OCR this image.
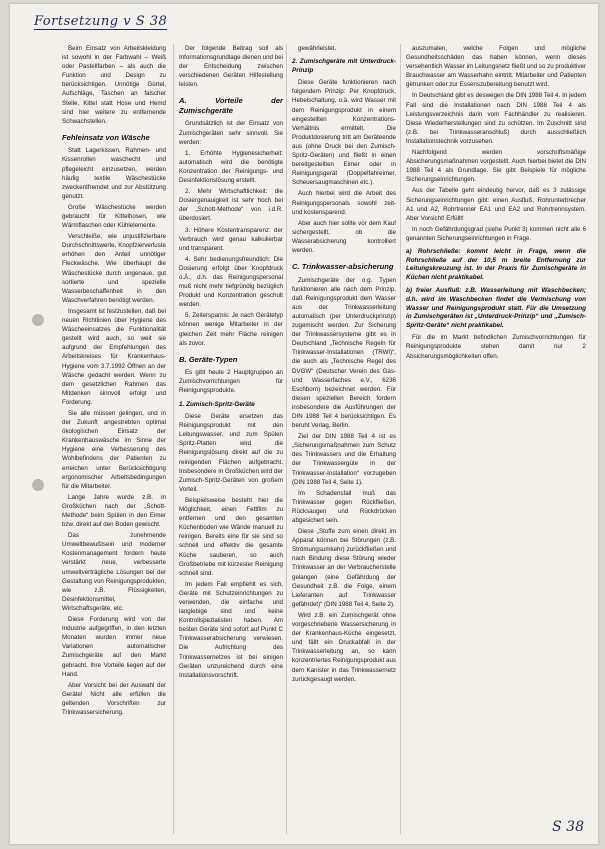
Fortsetzung v S 38

Beim Einsatz von Arbeitskleidung ist sowohl in der Farbwahl – Weiß oder Pastellfarben – als auch die Funktion und Design zu berücksichtigen. Unnötige Gürtel, Aufschläge, Taschen an falscher Stelle, Kittel statt Hose und Hemd sind hier weitere zu entfernende Schwachstellen.

Fehleinsatz von Wäsche

Statt Lagerkissen, Rahmen- und Kissenrollen waschecht und pflegeleicht einzusetzen, werden häufig textile Wäschestücke zweckentfremdet und zur Abstützung genutzt.

Große Wäschestücke werden gebraucht für Kittelhosen, wie Wärmflaschen oder Kühlelemente.

Verschleiße, wie unjustifizierbare Durchschnittswerte, Knopfzierverluste erhöhen den Anteil unnötiger Fleckwäsche. Wie überhaupt die Wäschestücke durch ungenaue, gut sortierte und spezielle Wasserbeschaffenheit in den Waschverfahren benötigt werden.

Insgesamt ist festzustellen, daß bei neuen Richtlinien über Hygiene des Wäscheeinsatzes die Funktionalität gestellt wird auch, so weit sie aufgrund der Empfehlungen des Arbeitskreises für Krankenhaus-Hygiene vom 3.7.1992 Öffnen an der Wäsche gedacht werden. Wenn zu dem gesetzlichen Rahmen das Mitdenken sinnvoll erfolgt und Forderung.

Sie alle müssen gelingen, und in der Zukunft angestrebten optimal ökologischen Einsatz der Krankenhauswäsche im Sinne der Hygiene eine Verbesserung des Wohlbefindens der Patienten zu erreichen unter Berücksichtigung ergonomischer Arbeitsbedingungen für die Mitarbeiter.

Lange Jahre wurde z.B. in Großküchen nach der „Schott-Methode“ beim Spülen in den Eimer bzw. direkt auf den Boden gewischt.

Das zunehmende Umweltbewußtsein und moderner Kostenmanagement fordern heute verstärkt neue, verbesserte umweltverträgliche Lösungen bei der Gestaltung von Reinigungsprodukten, wie z.B. Flüssigkeiten, Desinfektionsmittel, Wirtschaftsgeräte, etc.

Diese Forderung wird von der Industrie aufgegriffen, in den letzten Monaten wurden immer neue Variationen automatischer Zumischgeräte auf den Markt gebracht. Ihre Vorteile liegen auf der Hand.

Aber Vorsicht bei der Auswahl der Geräte! Nicht alle erfüllen die geltenden Vorschriften zur Trinkwassersicherung.

Der folgende Beitrag soll als Informationsgrundlage dienen und bei der Entscheidung zwischen verschiedenen Geräten Hilfestellung leisten.

A. Vorteile der Zumischgeräte

Grundsätzlich ist der Einsatz von Zumischgeräten sehr sinnvoll. Sie werden:

1. Erhöhte Hygienesicherheit: automatisch wird die benötigte Konzentration der Reinigungs- und Desinfektionslösung erstellt.

2. Mehr Wirtschaftlichkeit: die Dosiergenauigkeit ist sehr hoch bei der „Schott-Methode“ von i.d.R. überdosiert.

3. Höhere Kostentransparenz: der Verbrauch wird genau kalkulierbar und transparent.

4. Sehr bedienungsfreundlich: Die Dosierung erfolgt über Knopfdruck o.Ä., d.h. das Reinigungspersonal muß nicht mehr tiefgründig bezüglich Produkt und Konzentration geschult werden.

5. Zeitersparnis: Je nach Gerätetyp können wenige Mitarbeiter in der gleichen Zeit mehr Fläche reinigen als zuvor.

B. Geräte-Typen

Es gibt heute 2 Hauptgruppen an Zumischvorrichtungen für Reinigungsprodukte.

1. Zumisch-Spritz-Geräte

Diese Geräte ersetzen das Reinigungsprodukt mit den Leitungswasser, und zum Spülen Spritz-Platten wird die Reinigungslösung direkt auf die zu reinigenden Flächen aufgebracht. Insbesondere in Großküchen wird der Zumisch-Spritz-Geräten von großem Vorteil.

Beispielsweise besteht hier die Möglichkeit, einen Fettfilm zu entfernen und den gesamten Küchenboden wie Wände manuell zu reinigen. Bereits eine für sie sind so schnell und effektiv die gesamte Küche sauberen, so auch Großbetriebe mit kürzester Reinigung schnell sind.

Im jedem Fall empfiehlt es sich, Geräte mit Schutzeinrichtungen zu verwenden, die einfache und langlebige sind und keine Kontrollspezialisten haben. Am besten Geräte sind sofort auf Punkt C Trinkwasserabsicherung verwiesen. Die Aufrichtung des Trinkwassernetzes ist bei einigen Geräten unzureichend durch eine Installationsvorschrift.

gewährleistet.

2. Zumischgeräte mit Unterdruck-Prinzip

Diese Geräte funktionieren nach folgendem Prinzip: Per Knopfdruck, Hebelschaltung, o.ä. wird Wasser mit dem Reinigungsprodukt in einem eingestellten Konzentrations-Verhältnis ermittelt. Die Produktdosierung tritt am Geräteende aus (ohne Druck bei den Zumisch-Spritz-Geräten) und fließt in einen bereitgestellten Eimer oder in Reinigungsgerät (Doppelfahreimer, Scheuersaugmaschinen etc.).

Auch hierbei wird die Arbeit des Reinigungspersonals sowohl zeit- und kostensparend.

Aber auch hier sollte vor dem Kauf sichergestellt, ob die Wasserabsicherung kontrolliert werden.

C. Trinkwasser-absicherung

Zumischgeräte der o.g. Typen funktionieren alle nach dem Prinzip, daß Reinigungsprodukt dem Wasser aus der Trinkwasserleitung automatisch (per Unterdruckprinzip) zugemischt werden. Zur Sicherung der Trinkwassersysteme gibt es in Deutschland „Technische Regeln für Trinkwasser-Installationen (TRWI)“, die auch als „Technische Regel des DVGW“ (Deutscher Verein des Gas- und Wasserfaches e.V., 6236 Eschborn) bezeichnet werden. Für diesen speziellen Bereich fordern insbesondere die Ausführungen der DIN 1988 Teil 4 berücksichtigen. Es beruht Verlag, Berlin.

Ziel der DIN 1988 Teil 4 ist es „Sicherungsmaßnahmen zum Schutz des Trinkwassers und die Erhaltung der Trinkwassergüte in der Trinkwasser-Installation“ vorzugeben (DIN 1988 Teil 4, Seite 1).

Im Schadensfall muß das Trinkwasser gegen Rückfließen, Rücksaugen und Rückdrücken abgesichert sein.

Diese „Stoffe zum einen direkt im Apparat können bei Störungen (z.B. Strömungsumkehr) zurückfließen und nach Bindung diese Störung wieder Trinkwasser an der Verbraucherstelle gelangen (eine Gefährdung der Gesundheit z.B. die Folge, einem Lieferanten auf Trinkwasser gefährdet)“ (DIN 1988 Teil 4, Seite 2).

Wird z.B. ein Zumischgerät ohne vorgeschriebene Wassersicherung in der Krankenhaus-Küche eingesetzt, und fällt ein Druckabfall in der Trinkwasserleitung an, so kann konzentriertes Reinigungsprodukt aus dem Kanister in das Trinkwassernetz zurückgesaugt werden.

auszumalen, welche Folgen und mögliche Gesundheitsschäden das haben können, wenn dieses versehentlich Wasser im Leitungsnetz fließt und so zu produktiver Brauchwasser am Wasserhahn eintritt. Mitarbeiter und Patienten getrunken oder zur Essenszubereitung benutzt wird.

In Deutschland gibt es deswegen die DIN 1988 Teil 4. In jedem Fall sind die Installationen nach DIN 1988 Teil 4 als Leistungsverzeichnis darin vom Fachhändler zu realisieren. Diese Wiederherstellungen sind zu schützen. Im Zuschnitt sind (z.B. bei Trinkwasseranschluß) durch ausschließlich Installationstechnik vorzusehen.

Nachfolgend werden vorschriftsmäßige Absicherungsmaßnahmen vorgestellt. Auch hierbei bietet die DIN 1988 Teil 4 als Grundlage. Sie gibt Beispiele für mögliche Sicherungseinrichtungen.

Aus der Tabelle geht eindeutig hervor, daß es 3 zulässige Sicherungseinrichtungen gibt: einen Ausfluß, Rohrunterbrecher A1 und A2, Rohrtrenner EA1 und EA2 und Rohrtrennsystem. Aber Vorsicht! Erfüllt!

In noch Gefährdungsgrad (siehe Punkt 3) kommen nicht alle 6 genannten Sicherungseinrichtungen in Frage.

a) Rohrschließe: kommt leicht in Frage, wenn die Rohrschließe auf der 10,5 m breite Entfernung zur Leitungskreuzung ist. In der Praxis für Zumischgeräte in Küchen nicht praktikabel.
b) freier Ausfluß: z.B. Wasserleitung mit Waschbecken; d.h. wird im Waschbecken findet die Vermischung von Wasser und Reinigungsprodukt statt. Für die Umsetzung in Zumischgeräten ist „Unterdruck-Prinzip“ und „Zumisch-Spritz-Geräte“ nicht praktikabel.

Für die im Markt befindlichen Zumischvorrichtungen für Reinigungsprodukte stehen damit nur 2 Absicherungsmöglichkeiten offen.

S 38
